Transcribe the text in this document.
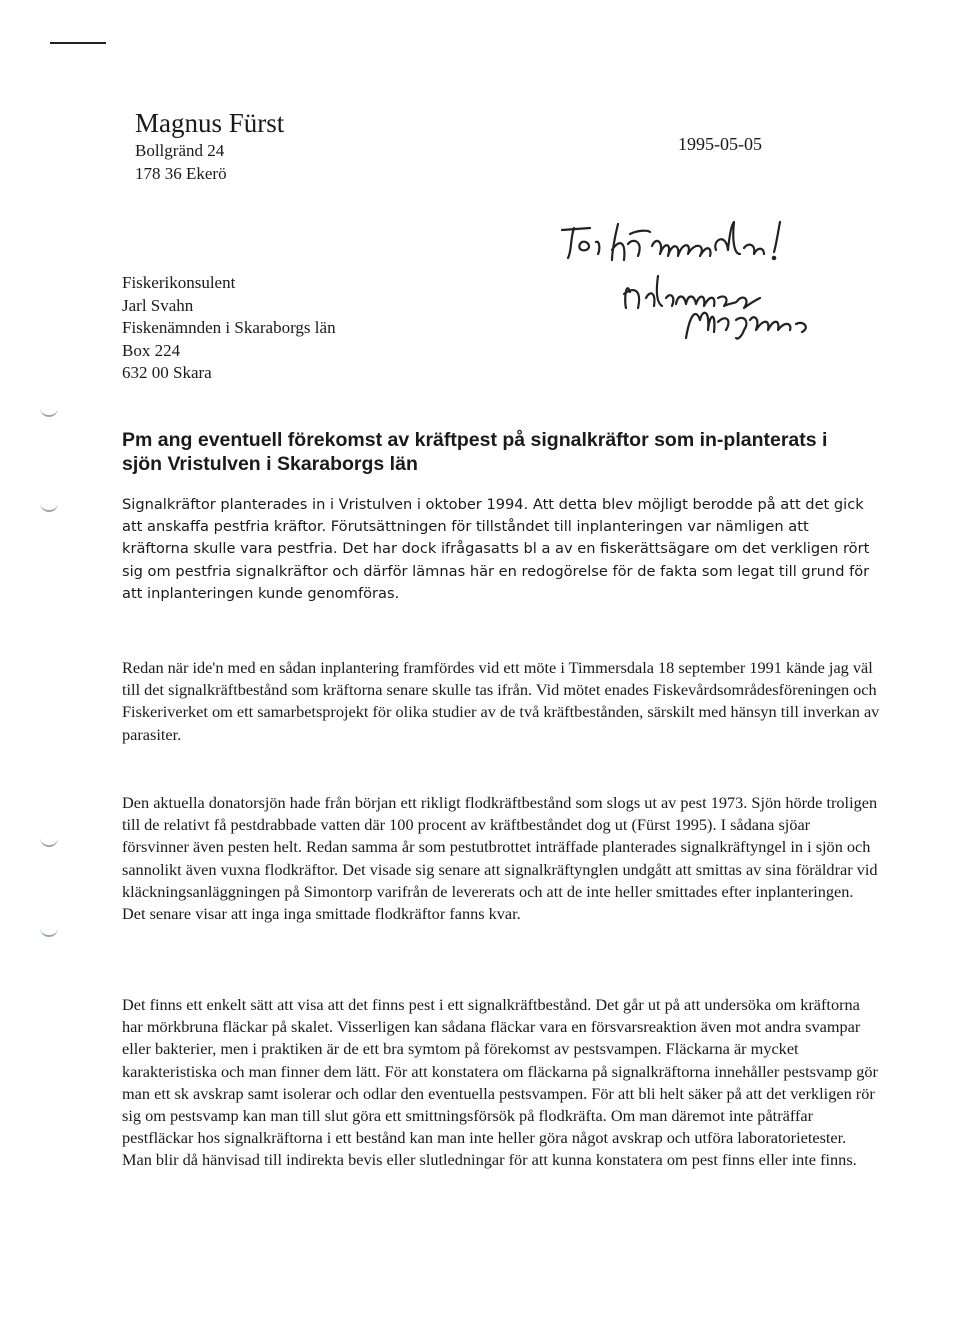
Magnus Fürst
Bollgränd 24
178 36 Ekerö
1995-05-05
Fiskerikonsulent
Jarl Svahn
Fiskenämnden i Skaraborgs län
Box 224
632 00 Skara
Pm ang eventuell förekomst av kräftpest på signalkräftor som in-planterats i sjön Vristulven i Skaraborgs län

Signalkräftor planterades in i Vristulven i oktober 1994. Att detta blev möjligt berodde på att det gick att anskaffa pestfria kräftor. Förutsättningen för tillståndet till inplanteringen var nämligen att kräftorna skulle vara pestfria. Det har dock ifrågasatts bl a av en fiskerättsägare om det verkligen rört sig om pestfria signalkräftor och därför lämnas här en redogörelse för de fakta som legat till grund för att inplanteringen kunde genomföras.

Redan när ide'n med en sådan inplantering framfördes vid ett möte i Timmersdala 18 september 1991 kände jag väl till det signalkräftbestånd som kräftorna senare skulle tas ifrån. Vid mötet enades Fiskevårdsområdesföreningen och Fiskeriverket om ett samarbetsprojekt för olika studier av de två kräftbestånden, särskilt med hänsyn till inverkan av parasiter.

Den aktuella donatorsjön hade från början ett rikligt flodkräftbestånd som slogs ut av pest 1973. Sjön hörde troligen till de relativt få pestdrabbade vatten där 100 procent av kräftbeståndet dog ut (Fürst 1995). I sådana sjöar försvinner även pesten helt. Redan samma år som pestutbrottet inträffade planterades signalkräftyngel in i sjön och sannolikt även vuxna flodkräftor. Det visade sig senare att signalkräftynglen undgått att smittas av sina föräldrar vid kläckningsanläggningen på Simontorp varifrån de levererats och att de inte heller smittades efter inplanteringen. Det senare visar att inga inga smittade flodkräftor fanns kvar.

Det finns ett enkelt sätt att visa att det finns pest i ett signalkräftbestånd. Det går ut på att undersöka om kräftorna har mörkbruna fläckar på skalet. Visserligen kan sådana fläckar vara en försvarsreaktion även mot andra svampar eller bakterier, men i praktiken är de ett bra symtom på förekomst av pestsvampen. Fläckarna är mycket karakteristiska och man finner dem lätt. För att konstatera om fläckarna på signalkräftorna innehåller pestsvamp gör man ett sk avskrap samt isolerar och odlar den eventuella pestsvampen. För att bli helt säker på att det verkligen rör sig om pestsvamp kan man till slut göra ett smittningsförsök på flodkräfta. Om man däremot inte påträffar pestfläckar hos signalkräftorna i ett bestånd kan man inte heller göra något avskrap och utföra laboratorietester. Man blir då hänvisad till indirekta bevis eller slutledningar för att kunna konstatera om pest finns eller inte finns.
